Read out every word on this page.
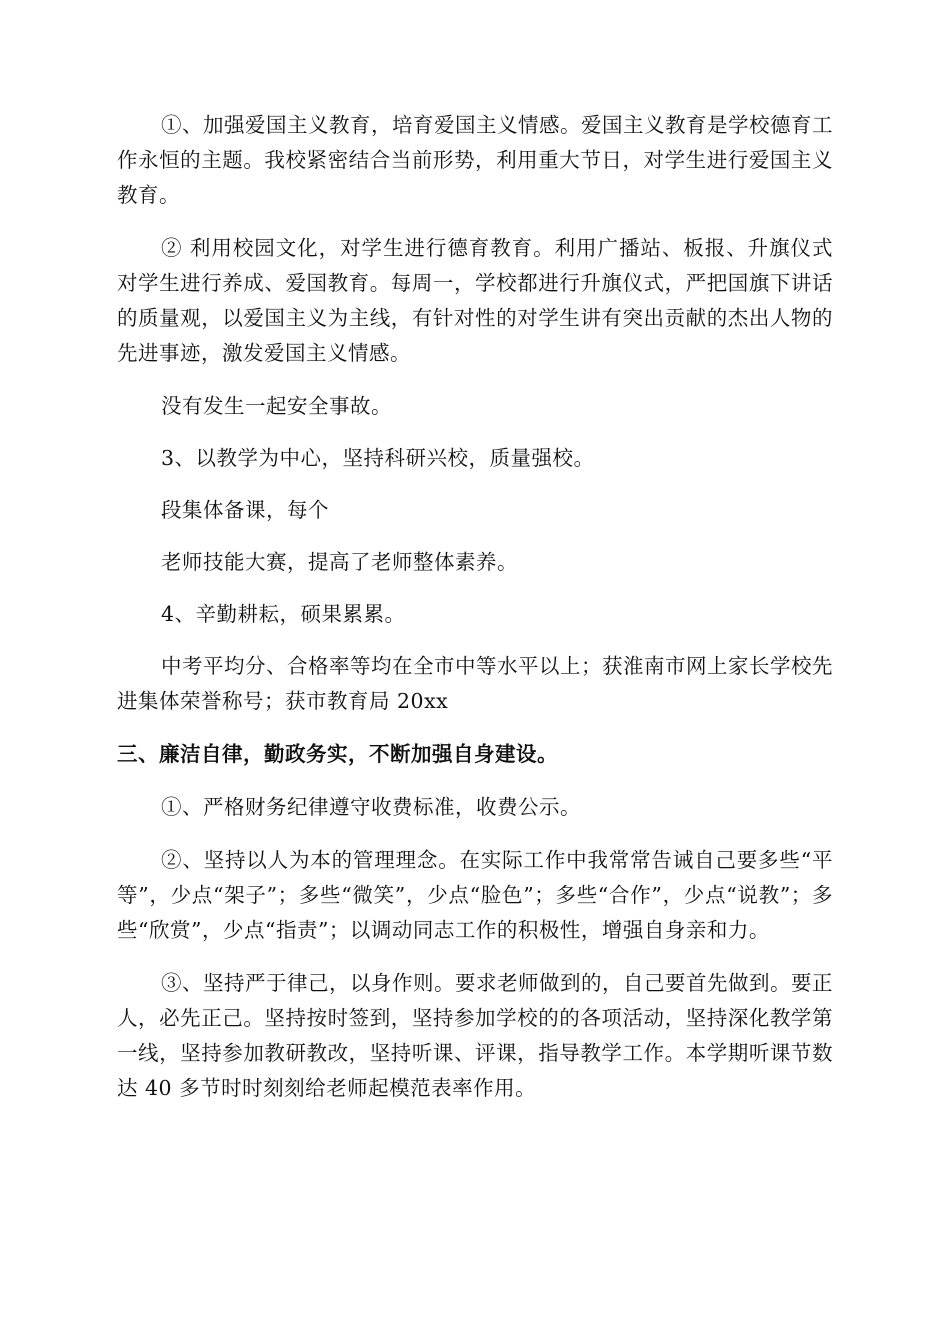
①、加强爱国主义教育，培育爱国主义情感。爱国主义教育是学校德育工作永恒的主题。我校紧密结合当前形势，利用重大节日，对学生进行爱国主义教育。

② 利用校园文化，对学生进行德育教育。利用广播站、板报、升旗仪式对学生进行养成、爱国教育。每周一，学校都进行升旗仪式，严把国旗下讲话的质量观，以爱国主义为主线，有针对性的对学生讲有突出贡献的杰出人物的先进事迹，激发爱国主义情感。

没有发生一起安全事故。

3、以教学为中心，坚持科研兴校，质量强校。

段集体备课，每个

老师技能大赛，提高了老师整体素养。

4、辛勤耕耘，硕果累累。

中考平均分、合格率等均在全市中等水平以上；获淮南市网上家长学校先进集体荣誉称号；获市教育局 20xx

三、廉洁自律，勤政务实，不断加强自身建设。

①、严格财务纪律遵守收费标准，收费公示。

②、坚持以人为本的管理理念。在实际工作中我常常告诫自己要多些“平等”，少点“架子”；多些“微笑”，少点“脸色”；多些“合作”，少点“说教”；多些“欣赏”，少点“指责”；以调动同志工作的积极性，增强自身亲和力。

③、坚持严于律己，以身作则。要求老师做到的，自己要首先做到。要正人，必先正己。坚持按时签到，坚持参加学校的的各项活动，坚持深化教学第一线，坚持参加教研教改，坚持听课、评课，指导教学工作。本学期听课节数达 40 多节时时刻刻给老师起模范表率作用。
